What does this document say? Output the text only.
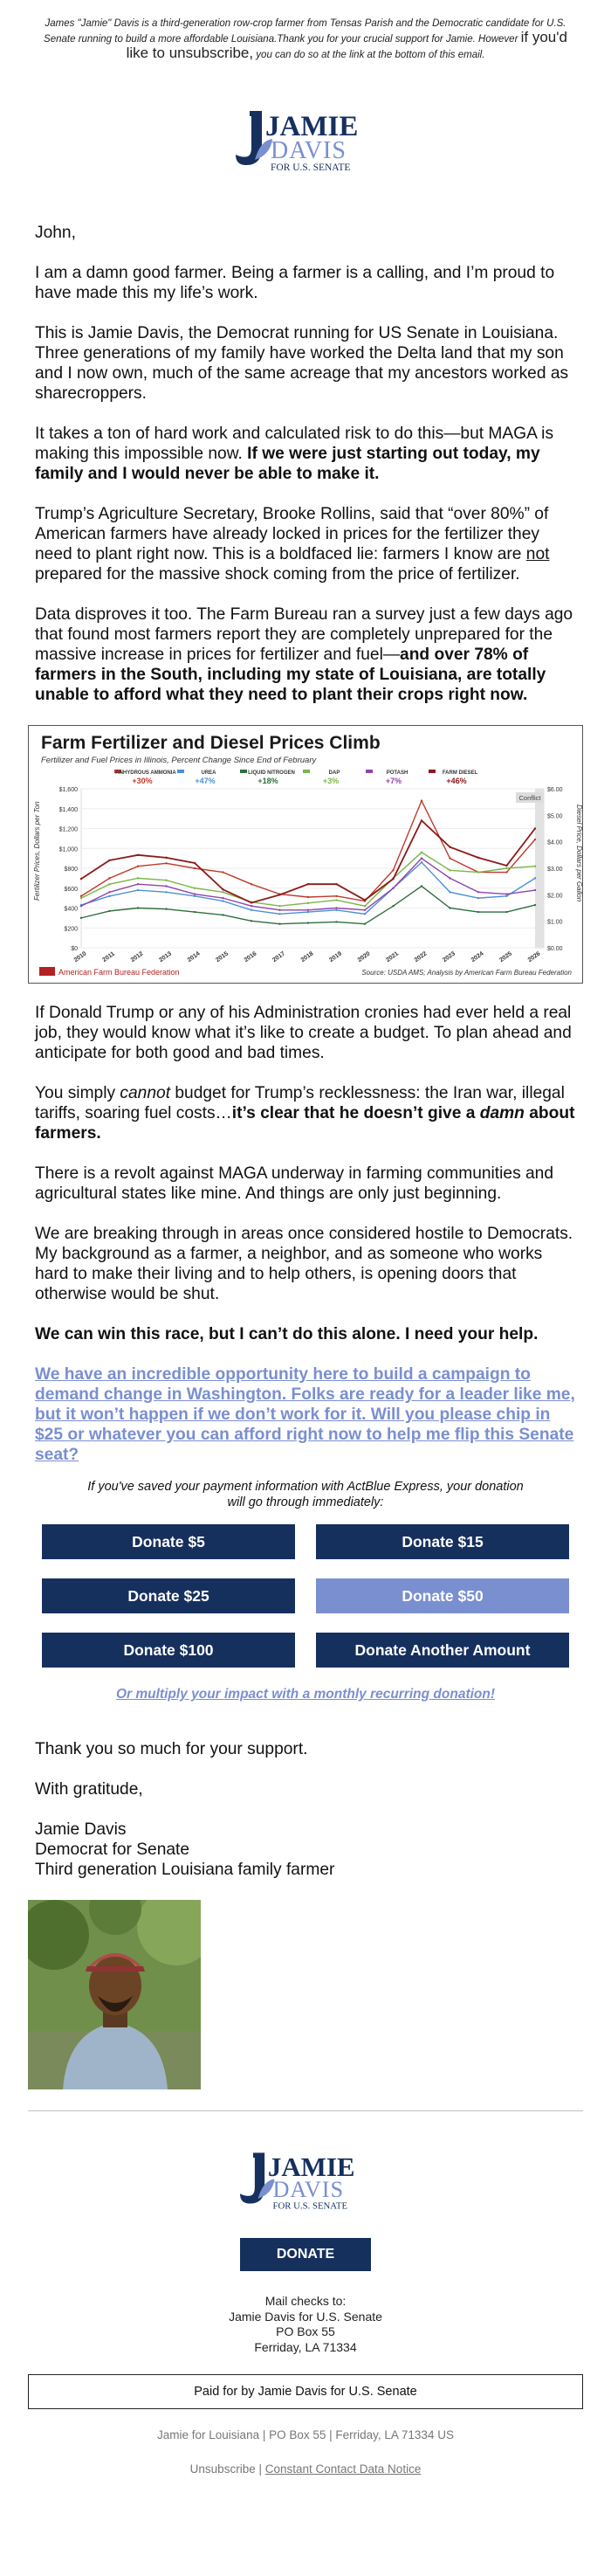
James "Jamie" Davis is a third-generation row-crop farmer from Tensas Parish and the Democratic candidate for U.S. Senate running to build a more affordable Louisiana.Thank you for your crucial support for Jamie. However if you'd like to unsubscribe, you can do so at the link at the bottom of this email.
JAMIE
DAVIS
FOR U.S. SENATE

John,

I am a damn good farmer. Being a farmer is a calling, and I’m proud to have made this my life’s work.

This is Jamie Davis, the Democrat running for US Senate in Louisiana. Three generations of my family have worked the Delta land that my son and I now own, much of the same acreage that my ancestors worked as sharecroppers.

It takes a ton of hard work and calculated risk to do this—but MAGA is making this impossible now. If we were just starting out today, my family and I would never be able to make it.

Trump’s Agriculture Secretary, Brooke Rollins, said that “over 80%” of American farmers have already locked in prices for the fertilizer they need to plant right now. This is a boldfaced lie: farmers I know are not prepared for the massive shock coming from the price of fertilizer.

Data disproves it too. The Farm Bureau ran a survey just a few days ago that found most farmers report they are completely unprepared for the massive increase in prices for fertilizer and fuel—and over 78% of farmers in the South, including my state of Louisiana, are totally unable to afford what they need to plant their crops right now.

Farm Fertilizer and Diesel Prices Climb
Fertilizer and Fuel Prices in Illinois, Percent Change Since End of February
ANHYDROUS AMMONIA
+30%
UREA
+47%
LIQUID NITROGEN
+18%
DAP
+3%
POTASH
+7%
FARM DIESEL
+46%
Conflict
$0
$200
$400
$600
$800
$1,000
$1,200
$1,400
$1,600
$0.00
$1.00
$2.00
$3.00
$4.00
$5.00
$6.00
2010 2011 2012 2013 2014 2015 2016 2017 2018 2019 2020 2021 2022 2023 2024 2025 2026
Fertilizer Prices, Dollars per Ton	Diesel Price, Dollars per Gallon
American Farm Bureau Federation	Source: USDA AMS; Analysis by American Farm Bureau Federation

If Donald Trump or any of his Administration cronies had ever held a real job, they would know what it’s like to create a budget. To plan ahead and anticipate for both good and bad times.

You simply cannot budget for Trump’s recklessness: the Iran war, illegal tariffs, soaring fuel costs…it’s clear that he doesn’t give a damn about farmers.

There is a revolt against MAGA underway in farming communities and agricultural states like mine. And things are only just beginning.

We are breaking through in areas once considered hostile to Democrats. My background as a farmer, a neighbor, and as someone who works hard to make their living and to help others, is opening doors that otherwise would be shut.

We can win this race, but I can’t do this alone. I need your help.

We have an incredible opportunity here to build a campaign to demand change in Washington. Folks are ready for a leader like me, but it won’t happen if we don’t work for it. Will you please chip in $25 or whatever you can afford right now to help me flip this Senate seat?

If you've saved your payment information with ActBlue Express, your donation will go through immediately:

Donate $5	Donate $15
Donate $25	Donate $50
Donate $100	Donate Another Amount

Or multiply your impact with a monthly recurring donation!

Thank you so much for your support.

With gratitude,

Jamie Davis
Democrat for Senate
Third generation Louisiana family farmer

JAMIE
DAVIS
FOR U.S. SENATE
DONATE
Mail checks to:
Jamie Davis for U.S. Senate
PO Box 55
Ferriday, LA 71334
Paid for by Jamie Davis for U.S. Senate
Jamie for Louisiana | PO Box 55 | Ferriday, LA 71334 US
Unsubscribe | Constant Contact Data Notice
